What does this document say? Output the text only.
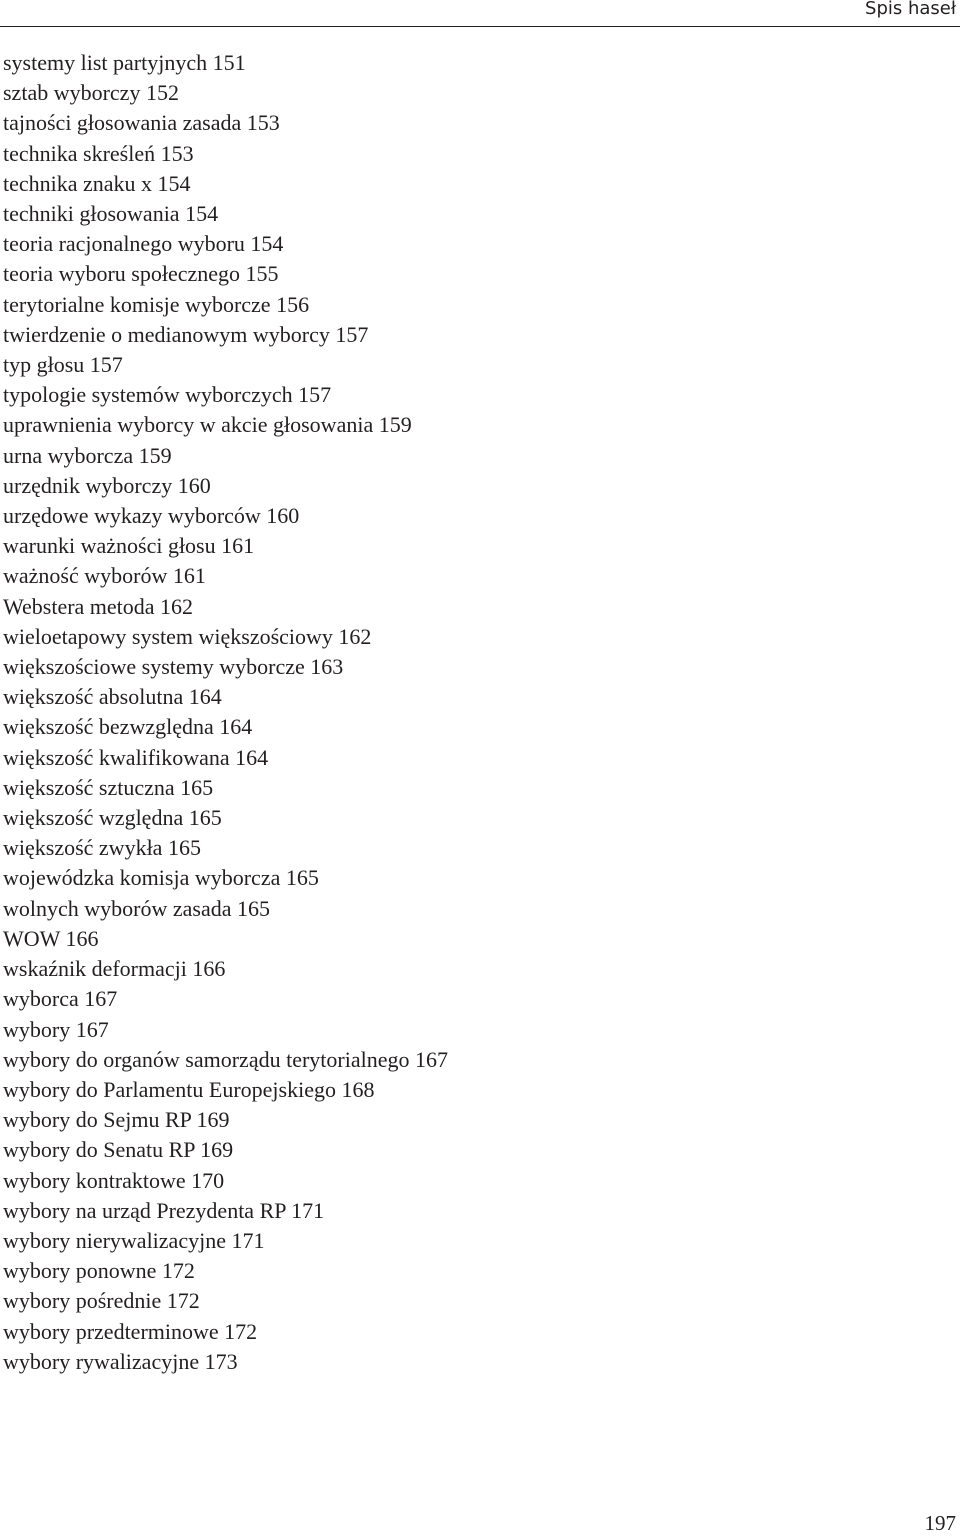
Spis haseł
systemy list partyjnych 151
sztab wyborczy 152
tajności głosowania zasada 153
technika skreśleń 153
technika znaku x 154
techniki głosowania 154
teoria racjonalnego wyboru 154
teoria wyboru społecznego 155
terytorialne komisje wyborcze 156
twierdzenie o medianowym wyborcy 157
typ głosu 157
typologie systemów wyborczych 157
uprawnienia wyborcy w akcie głosowania 159
urna wyborcza 159
urzędnik wyborczy 160
urzędowe wykazy wyborców 160
warunki ważności głosu 161
ważność wyborów 161
Webstera metoda 162
wieloetapowy system większościowy 162
większościowe systemy wyborcze 163
większość absolutna 164
większość bezwzględna 164
większość kwalifikowana 164
większość sztuczna 165
większość względna 165
większość zwykła 165
wojewódzka komisja wyborcza 165
wolnych wyborów zasada 165
WOW 166
wskaźnik deformacji 166
wyborca 167
wybory 167
wybory do organów samorządu terytorialnego 167
wybory do Parlamentu Europejskiego 168
wybory do Sejmu RP 169
wybory do Senatu RP 169
wybory kontraktowe 170
wybory na urząd Prezydenta RP 171
wybory nierywalizacyjne 171
wybory ponowne 172
wybory pośrednie 172
wybory przedterminowe 172
wybory rywalizacyjne 173
197
